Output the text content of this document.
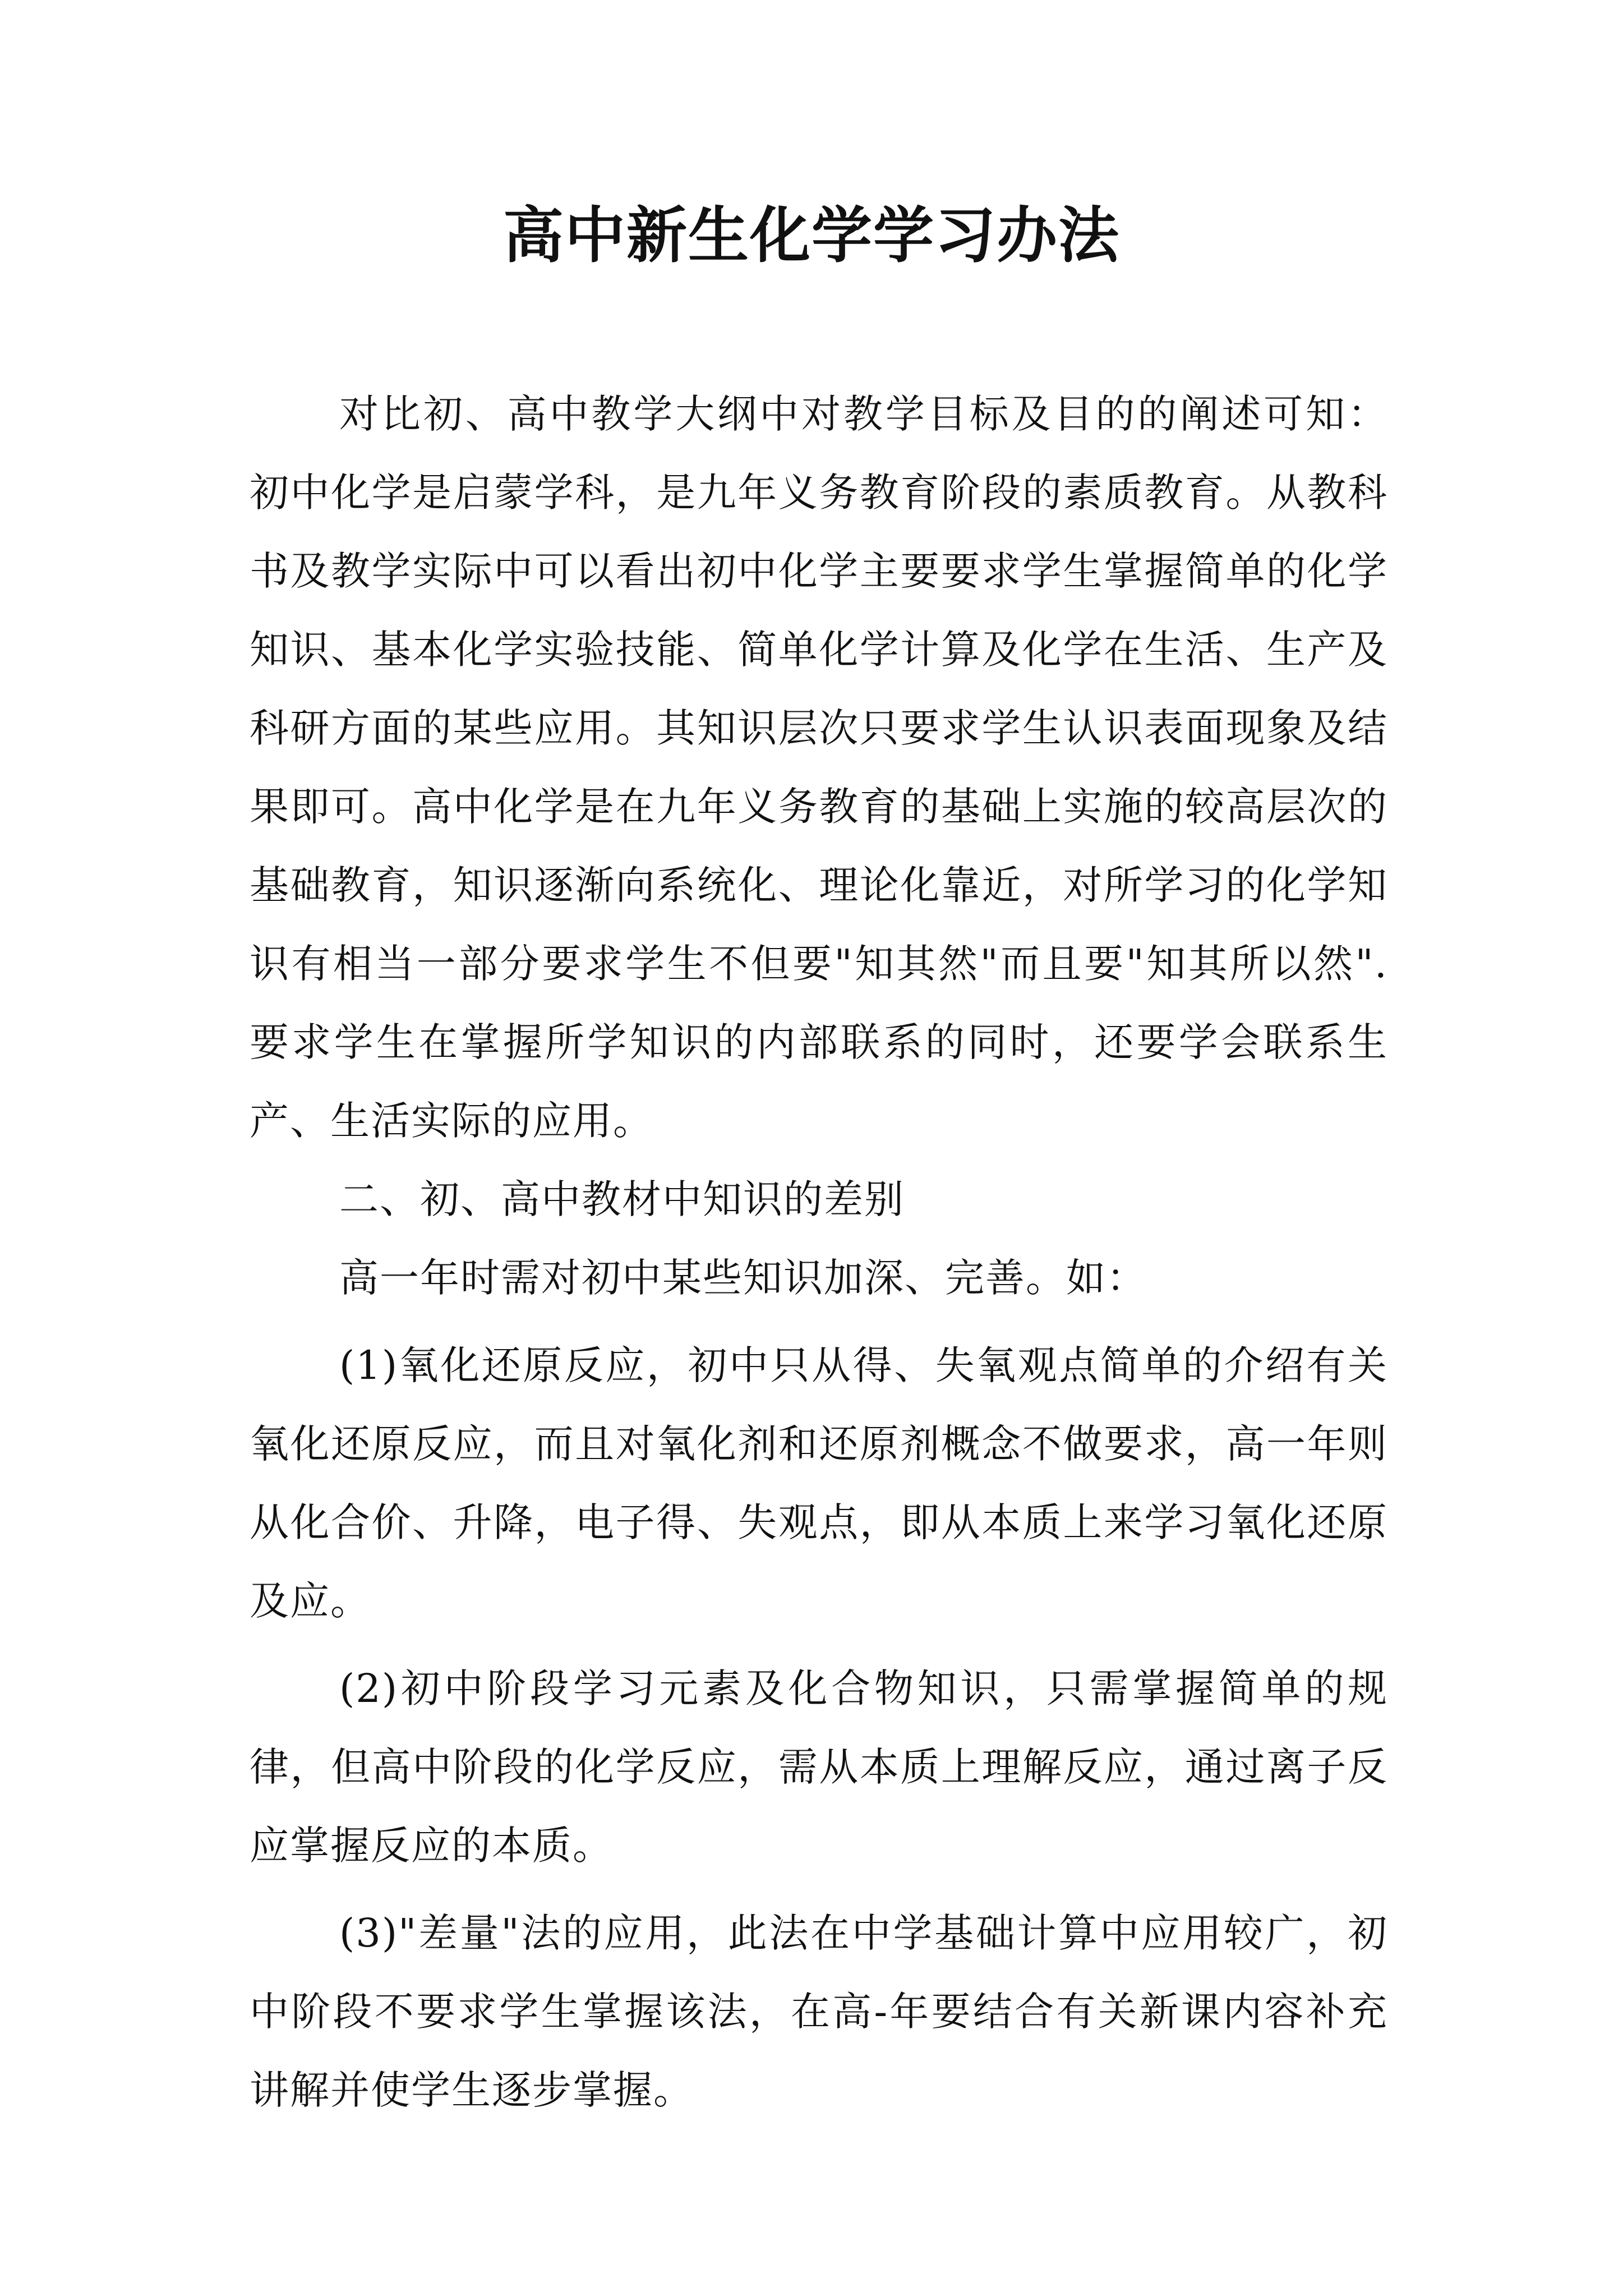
高中新生化学学习办法

对比初、高中教学大纲中对教学目标及目的的阐述可知：初中化学是启蒙学科，是九年义务教育阶段的素质教育。从教科书及教学实际中可以看出初中化学主要要求学生掌握简单的化学知识、基本化学实验技能、简单化学计算及化学在生活、生产及科研方面的某些应用。其知识层次只要求学生认识表面现象及结果即可。高中化学是在九年义务教育的基础上实施的较高层次的基础教育，知识逐渐向系统化、理论化靠近，对所学习的化学知识有相当一部分要求学生不但要"知其然"而且要"知其所以然".要求学生在掌握所学知识的内部联系的同时，还要学会联系生产、生活实际的应用。

二、初、高中教材中知识的差别

高一年时需对初中某些知识加深、完善。如：

(1)氧化还原反应，初中只从得、失氧观点简单的介绍有关氧化还原反应，而且对氧化剂和还原剂概念不做要求，高一年则从化合价、升降，电子得、失观点，即从本质上来学习氧化还原及应。

(2)初中阶段学习元素及化合物知识，只需掌握简单的规律，但高中阶段的化学反应，需从本质上理解反应，通过离子反应掌握反应的本质。

(3)"差量"法的应用，此法在中学基础计算中应用较广，初中阶段不要求学生掌握该法，在高-年要结合有关新课内容补充讲解并使学生逐步掌握。
